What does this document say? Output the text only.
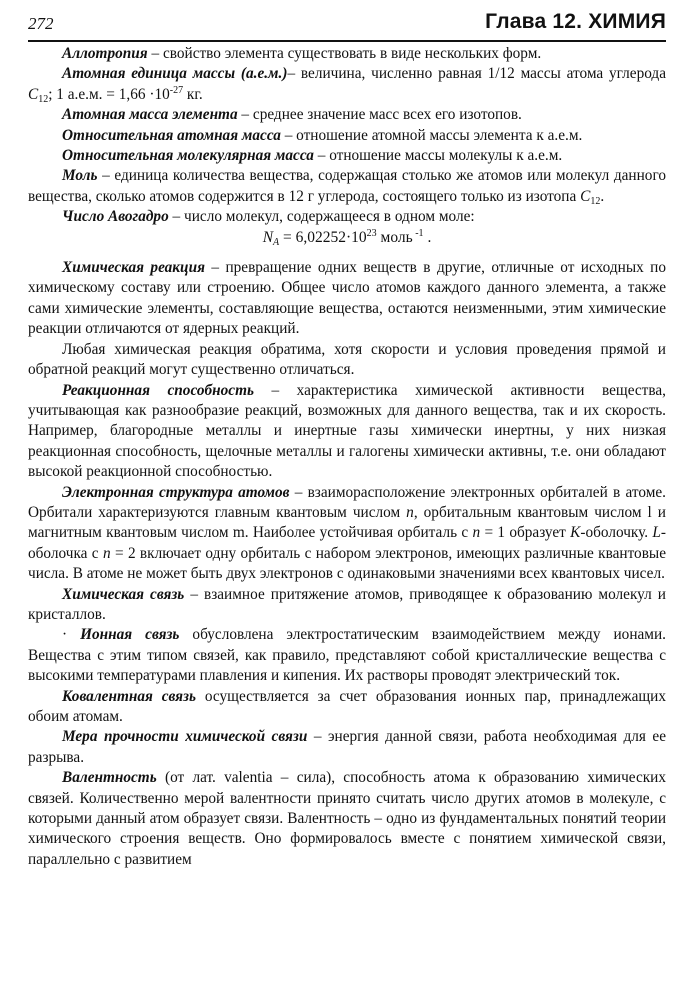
272	Глава 12. ХИМИЯ

Аллотропия – свойство элемента существовать в виде нескольких форм.

Атомная единица массы (а.е.м.)– величина, численно равная 1/12 массы атома углерода $C_{12}$; 1 а.е.м. = $1,66 \cdot 10^{-27}$ кг.

Атомная масса элемента – среднее значение масс всех его изотопов.

Относительная атомная масса – отношение атомной массы элемента к а.е.м.

Относительная молекулярная масса – отношение массы молекулы к а.е.м.

Моль – единица количества вещества, содержащая столько же атомов или молекул данного вещества, сколько атомов содержится в 12 г углерода, состоящего только из изотопа $C_{12}$.

Число Авогадро – число молекул, содержащееся в одном моле:

$N_A = 6,02252\cdot 10^{23}$ моль $^{-1}$ .

Химическая реакция – превращение одних веществ в другие, отличные от исходных по химическому составу или строению. Общее число атомов каждого данного элемента, а также сами химические элементы, составляющие вещества, остаются неизменными, этим химические реакции отличаются от ядерных реакций.

Любая химическая реакция обратима, хотя скорости и условия проведения прямой и обратной реакций могут существенно отличаться.

Реакционная способность – характеристика химической активности вещества, учитывающая как разнообразие реакций, возможных для данного вещества, так и их скорость. Например, благородные металлы и инертные газы химически инертны, у них низкая реакционная способность, щелочные металлы и галогены химически активны, т.е. они обладают высокой реакционной способностью.

Электронная структура атомов – взаиморасположение электронных орбиталей в атоме. Орбитали характеризуются главным квантовым числом n, орбитальным квантовым числом l и магнитным квантовым числом m. Наиболее устойчивая орбиталь с n = 1 образует K-оболочку. L-оболочка с n = 2 включает одну орбиталь с набором электронов, имеющих различные квантовые числа. В атоме не может быть двух электронов с одинаковыми значениями всех квантовых чисел.

Химическая связь – взаимное притяжение атомов, приводящее к образованию молекул и кристаллов.

· Ионная связь обусловлена электростатическим взаимодействием между ионами. Вещества с этим типом связей, как правило, представляют собой кристаллические вещества с высокими температурами плавления и кипения. Их растворы проводят электрический ток.

Ковалентная связь осуществляется за счет образования ионных пар, принадлежащих обоим атомам.

Мера прочности химической связи – энергия данной связи, работа необходимая для ее разрыва.

Валентность (от лат. valentia – сила), способность атома к образованию химических связей. Количественно мерой валентности принято считать число других атомов в молекуле, с которыми данный атом образует связи. Валентность – одно из фундаментальных понятий теории химического строения веществ. Оно формировалось вместе с понятием химической связи, параллельно с развитием
